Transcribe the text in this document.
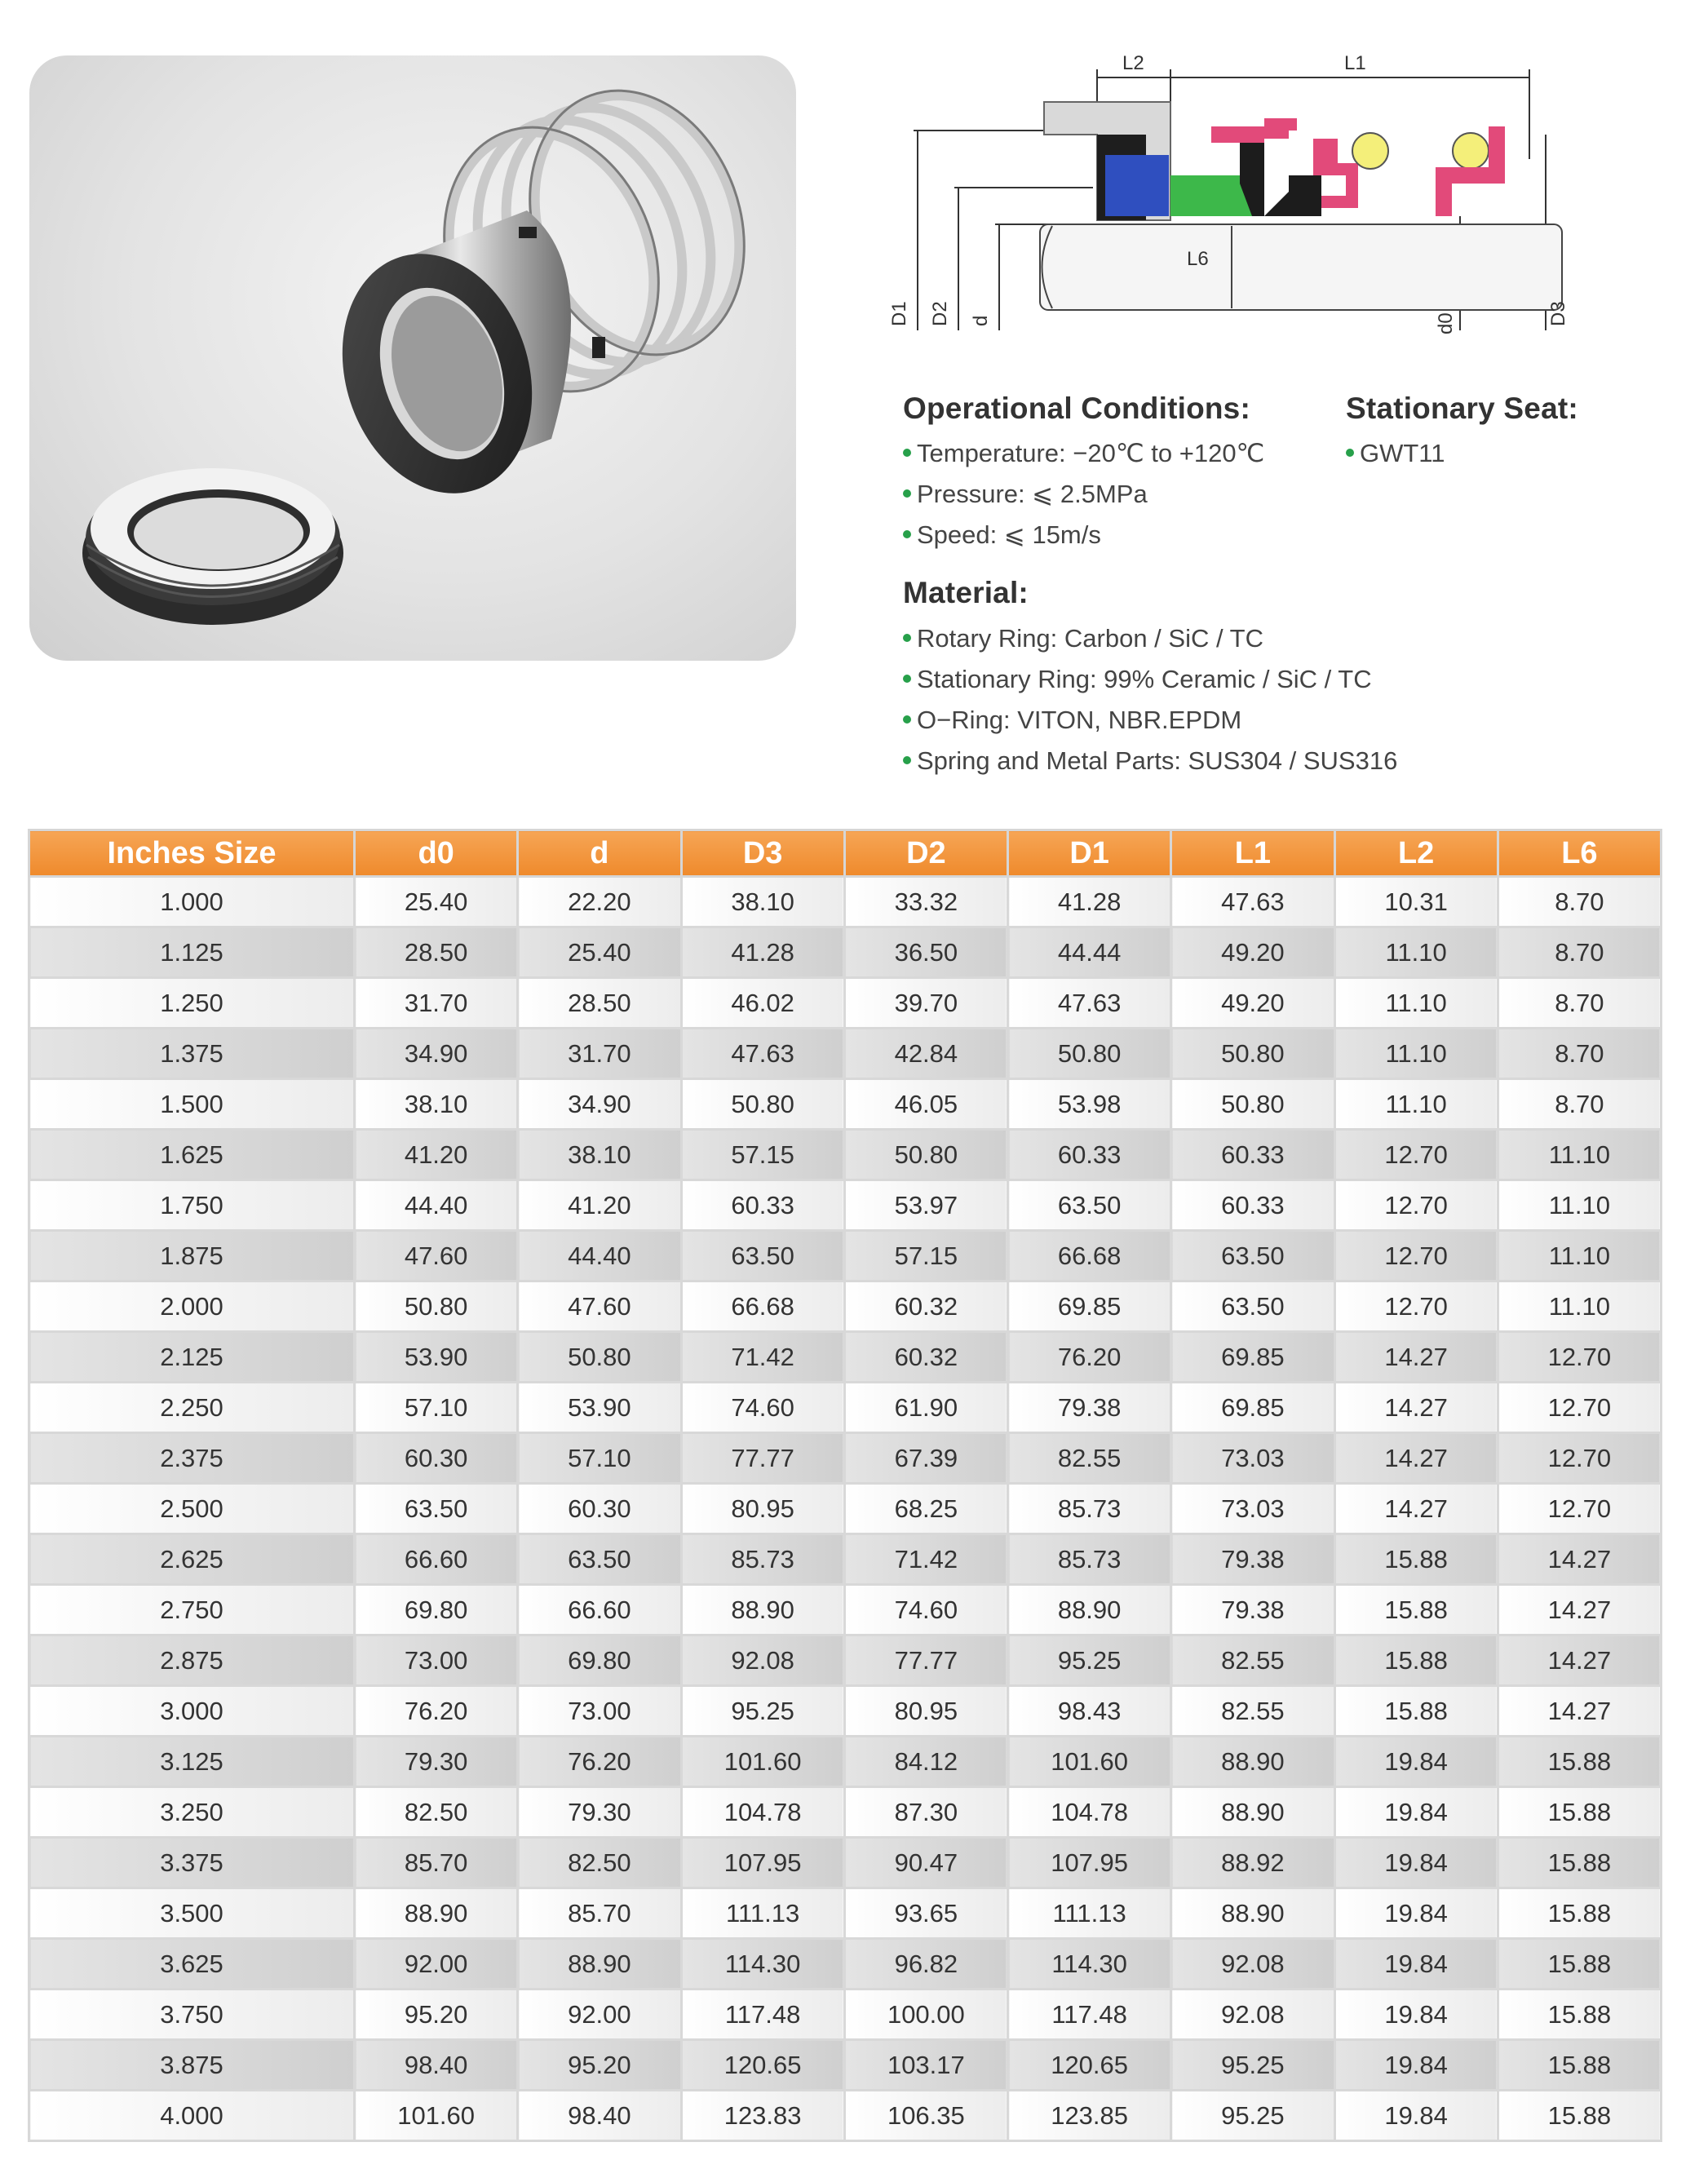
L2	L1
L6
D1 D2 d	d0	D3
Operational Conditions:
Temperature: −20℃ to +120℃
Pressure: ⩽ 2.5MPa
Speed: ⩽ 15m/s
Stationary Seat:
GWT11
Material:
Rotary Ring: Carbon / SiC / TC
Stationary Ring: 99% Ceramic / SiC / TC
O−Ring: VITON, NBR.EPDM
Spring and Metal Parts: SUS304 / SUS316
Inches Size	d0	d	D3	D2	D1	L1	L2	L6
1.000	25.40	22.20	38.10	33.32	41.28	47.63	10.31	8.70
1.125	28.50	25.40	41.28	36.50	44.44	49.20	11.10	8.70
1.250	31.70	28.50	46.02	39.70	47.63	49.20	11.10	8.70
1.375	34.90	31.70	47.63	42.84	50.80	50.80	11.10	8.70
1.500	38.10	34.90	50.80	46.05	53.98	50.80	11.10	8.70
1.625	41.20	38.10	57.15	50.80	60.33	60.33	12.70	11.10
1.750	44.40	41.20	60.33	53.97	63.50	60.33	12.70	11.10
1.875	47.60	44.40	63.50	57.15	66.68	63.50	12.70	11.10
2.000	50.80	47.60	66.68	60.32	69.85	63.50	12.70	11.10
2.125	53.90	50.80	71.42	60.32	76.20	69.85	14.27	12.70
2.250	57.10	53.90	74.60	61.90	79.38	69.85	14.27	12.70
2.375	60.30	57.10	77.77	67.39	82.55	73.03	14.27	12.70
2.500	63.50	60.30	80.95	68.25	85.73	73.03	14.27	12.70
2.625	66.60	63.50	85.73	71.42	85.73	79.38	15.88	14.27
2.750	69.80	66.60	88.90	74.60	88.90	79.38	15.88	14.27
2.875	73.00	69.80	92.08	77.77	95.25	82.55	15.88	14.27
3.000	76.20	73.00	95.25	80.95	98.43	82.55	15.88	14.27
3.125	79.30	76.20	101.60	84.12	101.60	88.90	19.84	15.88
3.250	82.50	79.30	104.78	87.30	104.78	88.90	19.84	15.88
3.375	85.70	82.50	107.95	90.47	107.95	88.92	19.84	15.88
3.500	88.90	85.70	111.13	93.65	111.13	88.90	19.84	15.88
3.625	92.00	88.90	114.30	96.82	114.30	92.08	19.84	15.88
3.750	95.20	92.00	117.48	100.00	117.48	92.08	19.84	15.88
3.875	98.40	95.20	120.65	103.17	120.65	95.25	19.84	15.88
4.000	101.60	98.40	123.83	106.35	123.85	95.25	19.84	15.88
